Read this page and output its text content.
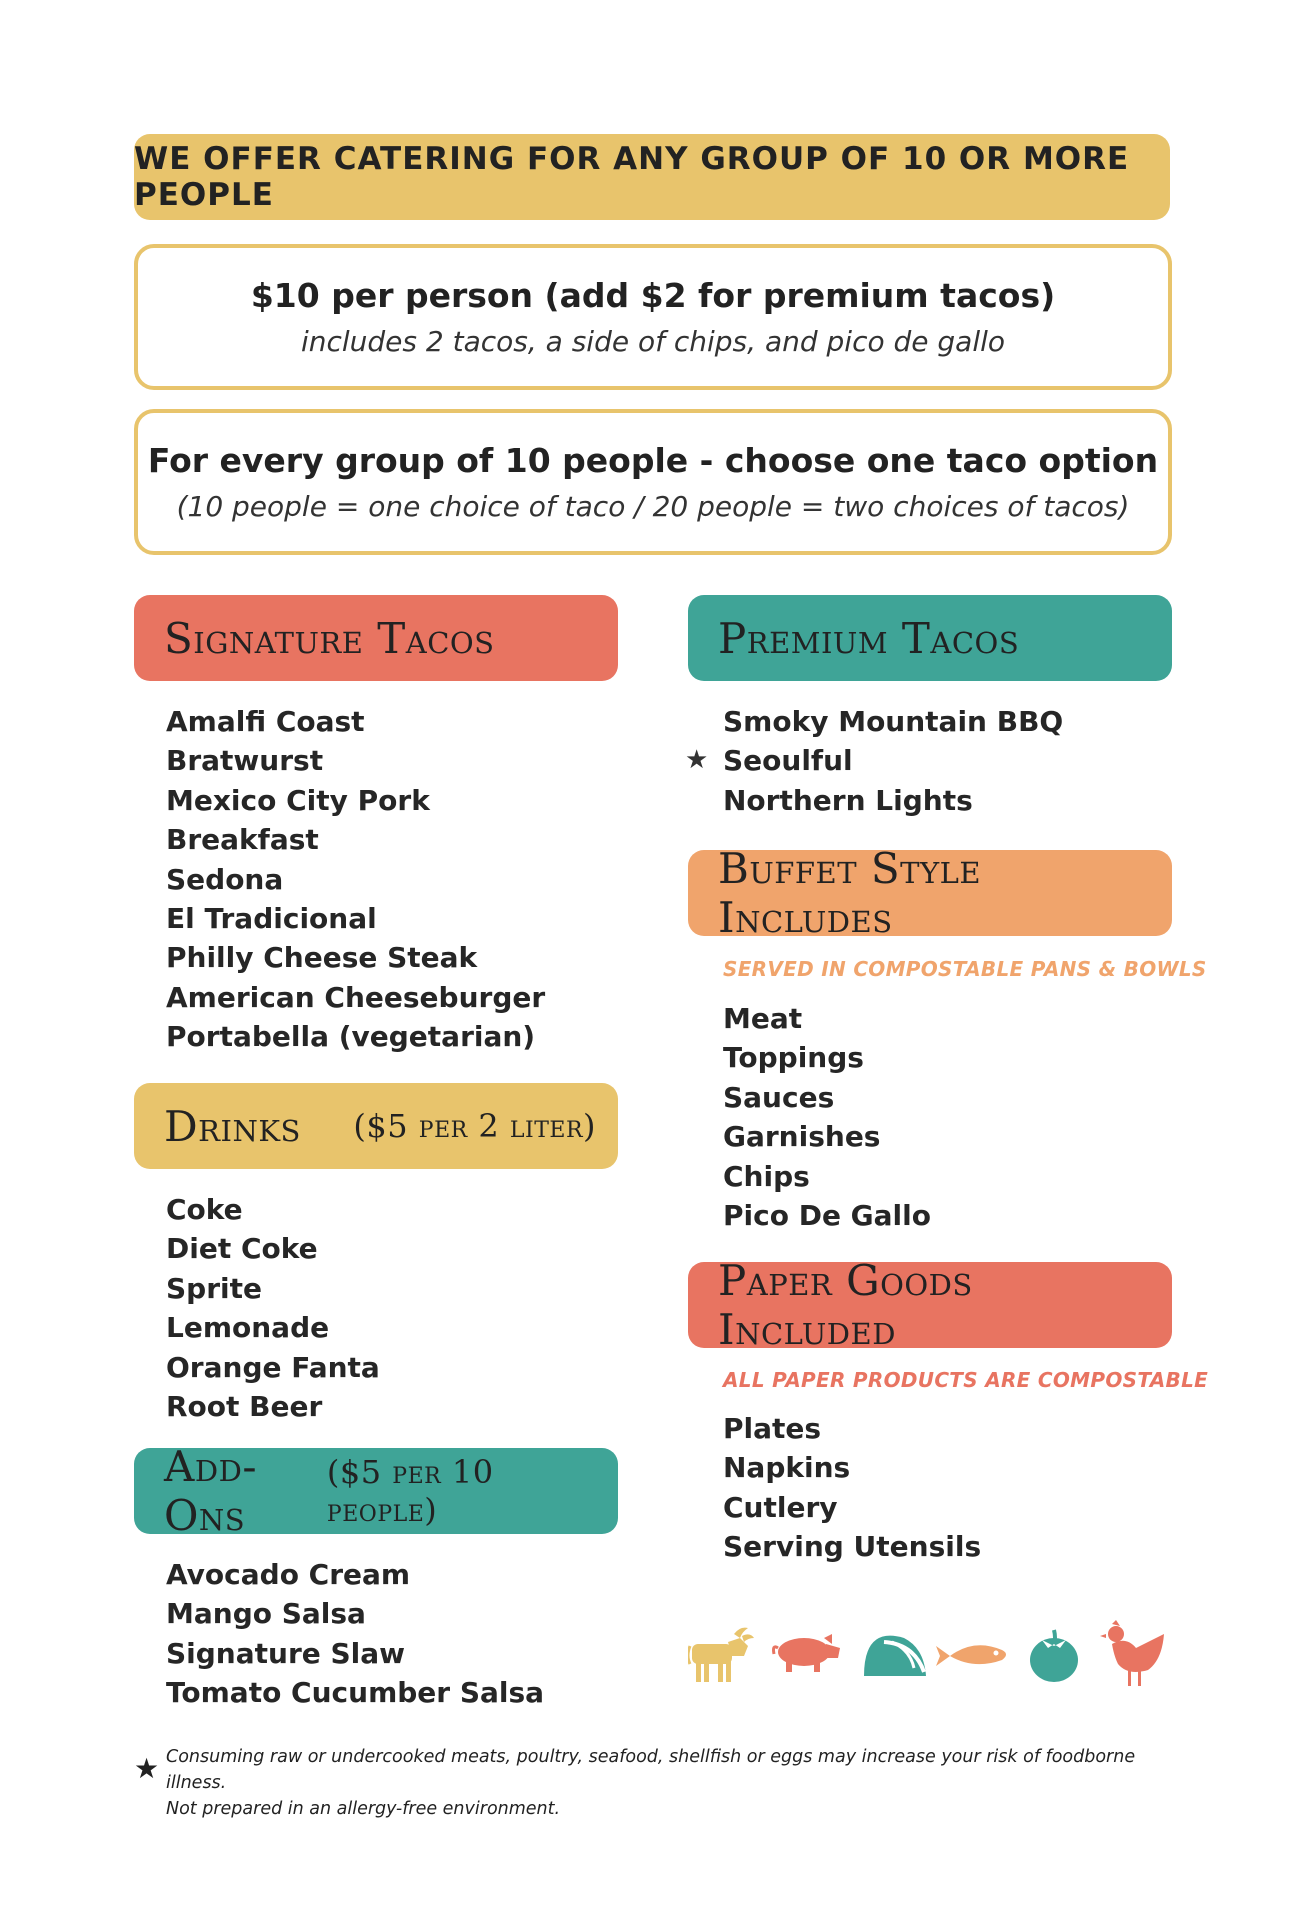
WE OFFER CATERING FOR ANY GROUP OF 10 OR MORE PEOPLE
$10 per person (add $2 for premium tacos)
includes 2 tacos, a side of chips, and pico de gallo
For every group of 10 people - choose one taco option
(10 people = one choice of taco / 20 people = two choices of tacos)
Signature Tacos
Amalfi Coast
Bratwurst
Mexico City Pork
Breakfast
Sedona
El Tradicional
Philly Cheese Steak
American Cheeseburger
Portabella (vegetarian)
Drinks ($5 per 2 liter)
Coke
Diet Coke
Sprite
Lemonade
Orange Fanta
Root Beer
Add-Ons
($5 per 10 people)
Avocado Cream
Mango Salsa
Signature Slaw
Tomato Cucumber Salsa
Premium Tacos
Smoky Mountain BBQ
★ Seoulful
Northern Lights
Buffet Style Includes
SERVED IN COMPOSTABLE PANS & BOWLS
Meat
Toppings
Sauces
Garnishes
Chips
Pico De Gallo
Paper Goods Included
ALL PAPER PRODUCTS ARE COMPOSTABLE
Plates
Napkins
Cutlery
Serving Utensils
★ Consuming raw or undercooked meats, poultry, seafood, shellfish or eggs may increase your risk of foodborne illness.
Not prepared in an allergy-free environment.
